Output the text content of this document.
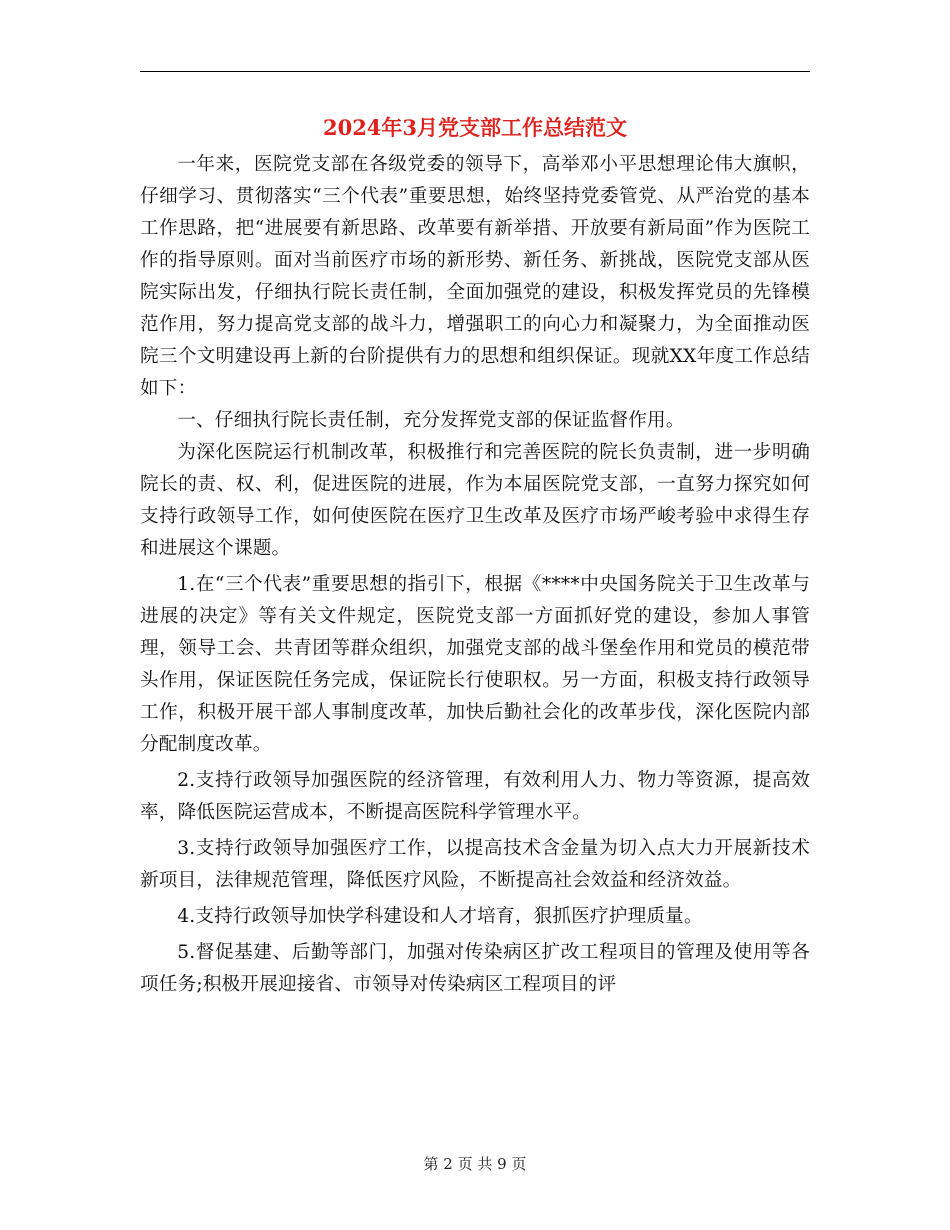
2024年3月党支部工作总结范文

一年来，医院党支部在各级党委的领导下，高举邓小平思想理论伟大旗帜，仔细学习、贯彻落实“三个代表”重要思想，始终坚持党委管党、从严治党的基本工作思路，把“进展要有新思路、改革要有新举措、开放要有新局面”作为医院工作的指导原则。面对当前医疗市场的新形势、新任务、新挑战，医院党支部从医院实际出发，仔细执行院长责任制，全面加强党的建设，积极发挥党员的先锋模范作用，努力提高党支部的战斗力，增强职工的向心力和凝聚力，为全面推动医院三个文明建设再上新的台阶提供有力的思想和组织保证。现就XX年度工作总结如下：

一、仔细执行院长责任制，充分发挥党支部的保证监督作用。

为深化医院运行机制改革，积极推行和完善医院的院长负责制，进一步明确院长的责、权、利，促进医院的进展，作为本届医院党支部，一直努力探究如何支持行政领导工作，如何使医院在医疗卫生改革及医疗市场严峻考验中求得生存和进展这个课题。

1.在“三个代表”重要思想的指引下，根据《****中央国务院关于卫生改革与进展的决定》等有关文件规定，医院党支部一方面抓好党的建设，参加人事管理，领导工会、共青团等群众组织，加强党支部的战斗堡垒作用和党员的模范带头作用，保证医院任务完成，保证院长行使职权。另一方面，积极支持行政领导工作，积极开展干部人事制度改革，加快后勤社会化的改革步伐，深化医院内部分配制度改革。

2.支持行政领导加强医院的经济管理，有效利用人力、物力等资源，提高效率，降低医院运营成本，不断提高医院科学管理水平。

3.支持行政领导加强医疗工作，以提高技术含金量为切入点大力开展新技术新项目，法律规范管理，降低医疗风险，不断提高社会效益和经济效益。

4.支持行政领导加快学科建设和人才培育，狠抓医疗护理质量。

5.督促基建、后勤等部门，加强对传染病区扩改工程项目的管理及使用等各项任务;积极开展迎接省、市领导对传染病区工程项目的评

第 2 页 共 9 页
